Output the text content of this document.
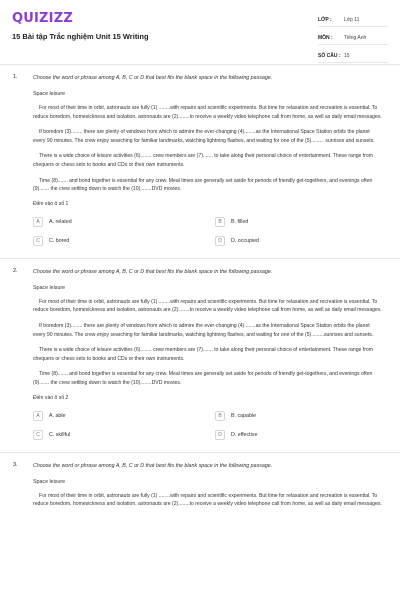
QUIZIZZ
15 Bài tập Trắc nghiệm Unit 15 Writing
LỚP :	Lớp 11
MÔN :	Tiếng Anh
SỐ CÂU : 15
1.	Choose the word or phrase among A, B, C or D that best fits the blank space in the following passage.
Space leisure
For most of their time in orbit, astronauts are fully (1) ........with repairs and scientific experiments. But time for relaxation and recreation is essential. To reduce boredom, homesickness and isolation, astronauts are (2)........to receive a weekly video telephone call from home, as well as daily email messages.
If boredom (3)........ there are plenty of windows from which to admire the ever-changing (4)........as the International Space Station orbits the planet every 90 minutes. The crew enjoy searching for familiar landmarks, watching lightning flashes, and waiting for one of the (5)......... sunrises and sunsets.
There is a wide choice of leisure activities (6)........ crew members are (7)....... to take along their personal choice of entertainment. These range from chequers or chess sets to books and CDs or their own instruments.
Time (8)....... and bond together is essential for any crew. Meal times are generally set aside for periods of friendly get-togethers, and evenings often (9)....... the crew settling down to watch the (10)........DVD movies.
Điền vào ô số 1
A	A. related	B	B. filled
C	C. bored	D	D. occupied
2.	Choose the word or phrase among A, B, C or D that best fits the blank space in the following passage.
Space leisure
For most of their time in orbit, astronauts are fully (1) ........with repairs and scientific experiments. But time for relaxation and recreation is essential. To reduce boredom, homesickness and isolation, astronauts are (2)........to receive a weekly video telephone call from home, as well as daily email messages.
If boredom (3)........ there are plenty of windows from which to admire the ever-changing (4)........as the International Space Station orbits the planet every 90 minutes. The crew enjoy searching for familiar landmarks, watching lightning flashes, and waiting for one of the (5).........sunrises and sunsets.
There is a wide choice of leisure activities (6)........ crew members are (7)....... to take along their personal choice of entertainment. These range from chequers or chess sets to books and CDs or their own instruments.
Time (8)....... and bond together is essential for any crew. Meal times are generally set aside for periods of friendly get-togethers, and evenings often (9)....... the crew settling down to watch the (10)........DVD movies.
Điền vào ô số 2
A	A. able	B	B. capable
C	C. skillful	D	D. effective
3.	Choose the word or phrase among A, B, C or D that best fits the blank space in the following passage.
Space leisure
For most of their time in orbit, astronauts are fully (1) ........with repairs and scientific experiments. But time for relaxation and recreation is essential. To reduce boredom, homesickness and isolation, astronauts are (2)........to receive a weekly video telephone call from home, as well as daily email messages.
